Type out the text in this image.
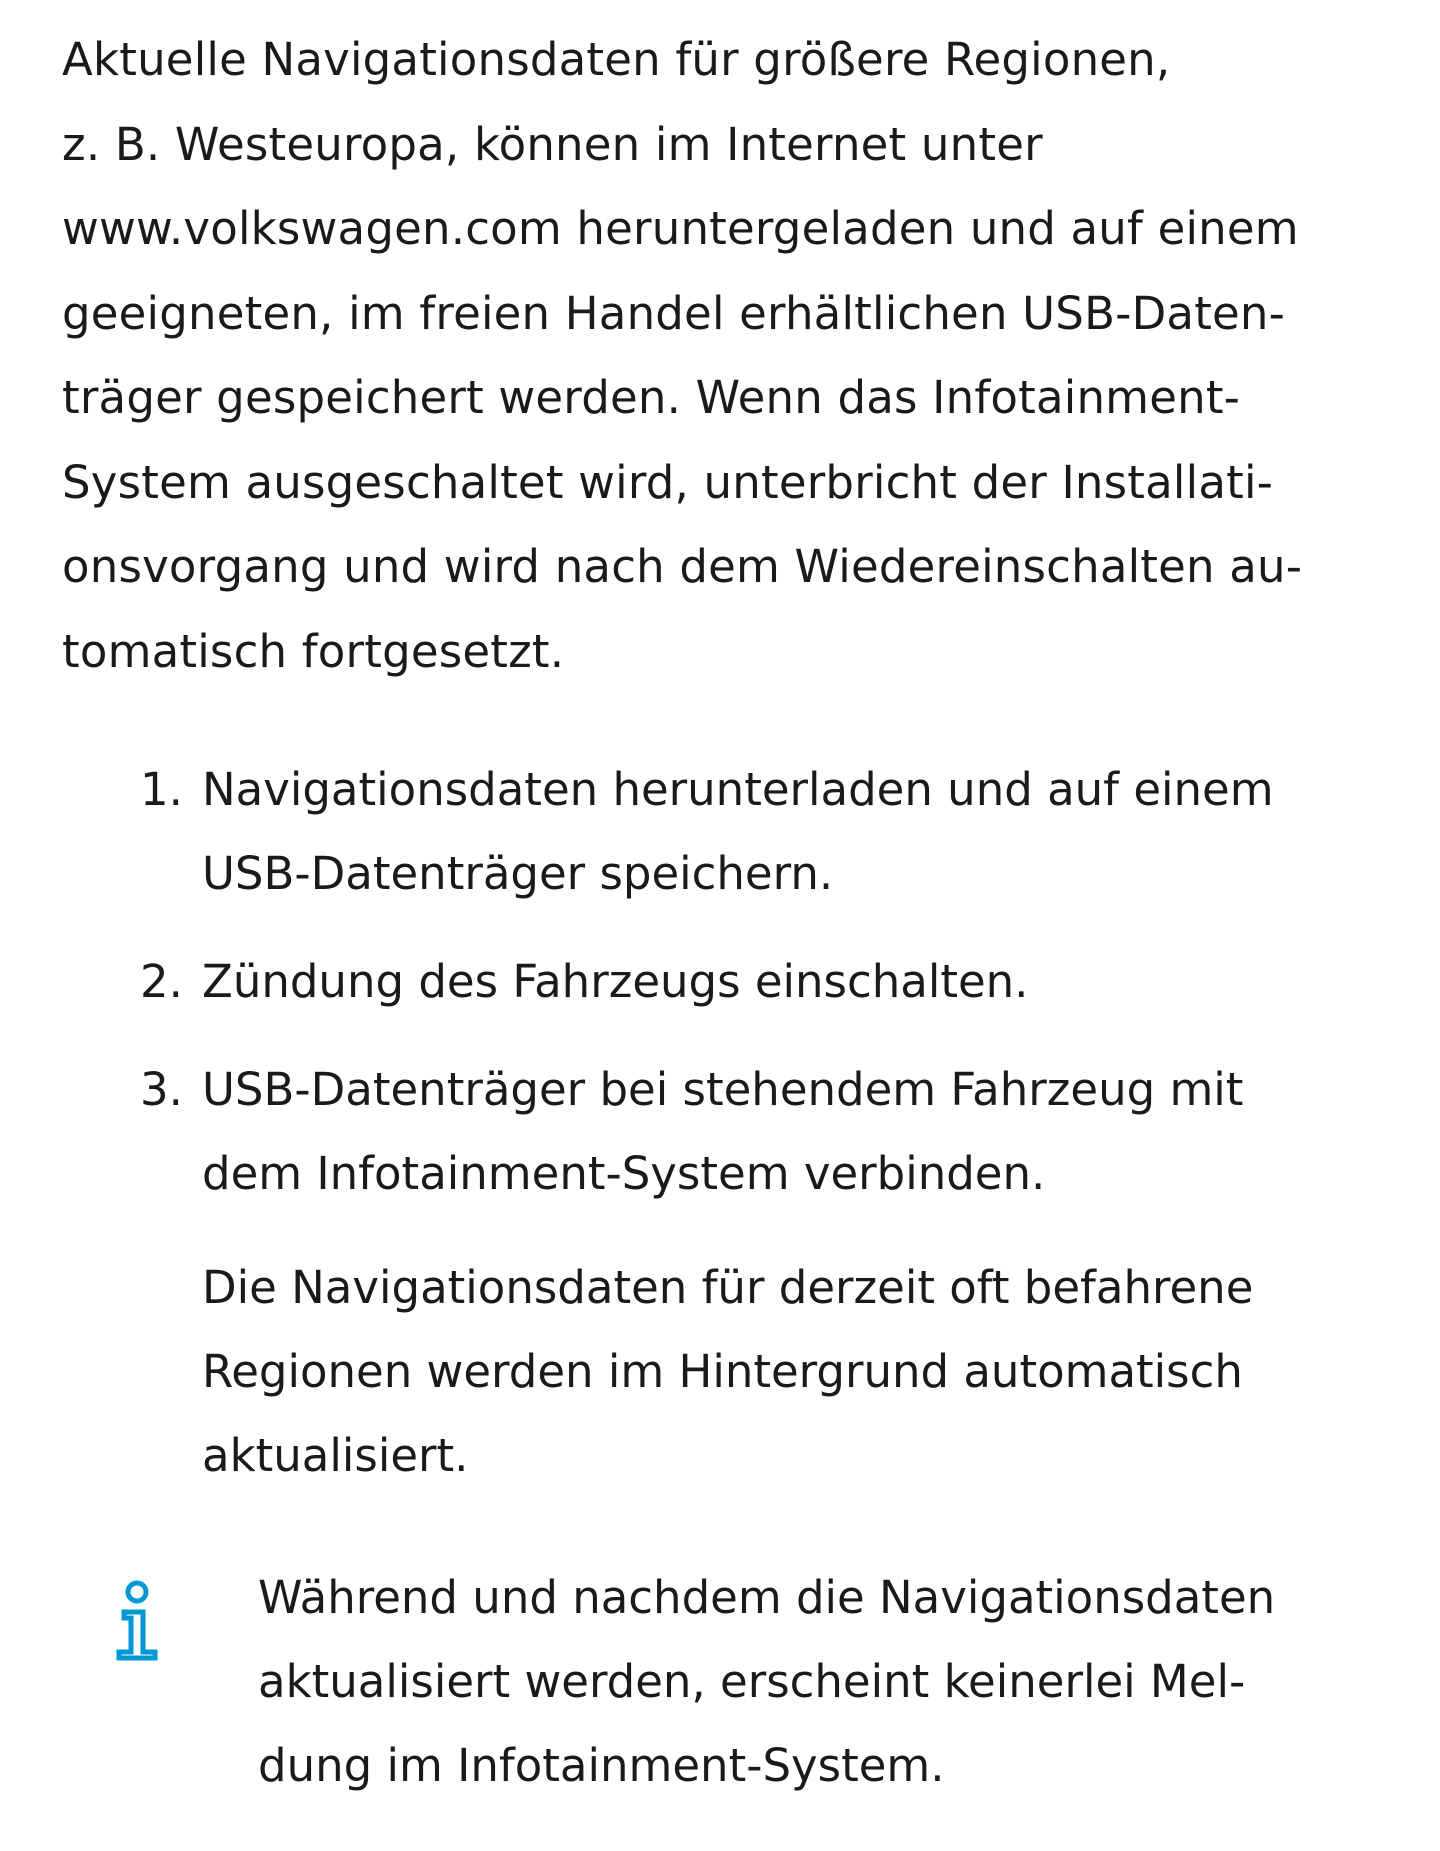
Aktuelle Navigationsdaten für größere Regionen,
z. B. Westeuropa, können im Internet unter
www.volkswagen.com heruntergeladen und auf einem
geeigneten, im freien Handel erhältlichen USB-Daten-
träger gespeichert werden. Wenn das Infotainment-
System ausgeschaltet wird, unterbricht der Installati-
onsvorgang und wird nach dem Wiedereinschalten au-
tomatisch fortgesetzt.

1. Navigationsdaten herunterladen und auf einem
USB-Datenträger speichern.
2. Zündung des Fahrzeugs einschalten.
3. USB-Datenträger bei stehendem Fahrzeug mit
dem Infotainment-System verbinden.

Die Navigationsdaten für derzeit oft befahrene
Regionen werden im Hintergrund automatisch
aktualisiert.

Während und nachdem die Navigationsdaten
aktualisiert werden, erscheint keinerlei Mel-
dung im Infotainment-System.
